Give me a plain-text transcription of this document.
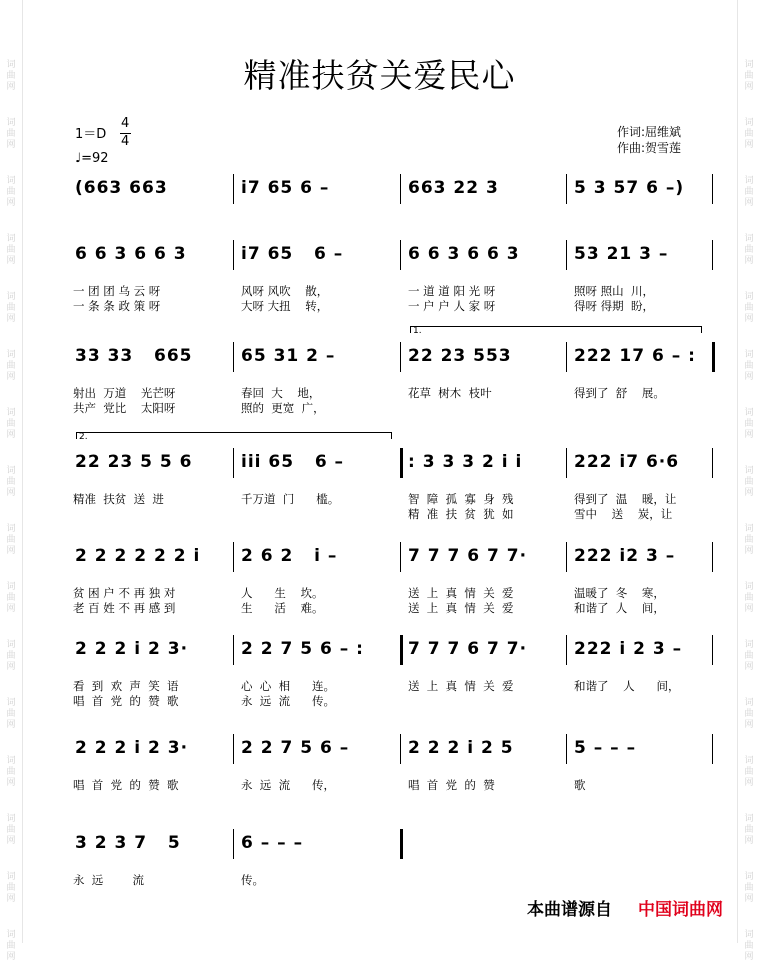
词
曲
网
词
曲
网
词
曲
网
词
曲
网
词
曲
网
词
曲
网
词
曲
网
词
曲
网
词
曲
网
词
曲
网
词
曲
网
词
曲
网
词
曲
网
词
曲
网
词
曲
网
词
曲
网
词
曲
网
词
曲
网
词
曲
网
词
曲
网
词
曲
网
词
曲
网
词
曲
网
词
曲
网
词
曲
网
词
曲
网
词
曲
网
词
曲
网
词
曲
网
词
曲
网
词
曲
网
词
曲
网
精准扶贫关爱民心
1＝D
4
4
♩=92
作词:屈维斌
作曲:贺雪莲
(663 663	i7 65 6 –	663 22 3	5 3 57 6 –)
6 6 3 6 6 3	i7 65   6 –	6 6 3 6 6 3	53 21 3 –
一 团 团 乌 云 呀	风呀 风吹    散，	一 道 道 阳 光 呀	照呀 照山  川，
一 条 条 政 策 呀	大呀 大扭    转，	一 户 户 人 家 呀	得呀 得期  盼，
33 33   665	65 31 2 –	22 23 553	222 17 6 – :
射出  万道    光芒呀	春回  大    地，	花草  树木  枝叶	得到了  舒    展。
共产  党比    太阳呀	照的  更宽  广，
1.
22 23 5 5 6	iii 65   6 –	: 3 3 3 2 i i	222 i7 6·6
精准  扶贫  送  进	千万道  门      槛。	智  障  孤  寡  身  残	得到了  温    暖，让
精  准  扶  贫  犹  如	雪中    送    炭，让
2.
2 2 2 2 2 2 i 2 6 2   i –	7 7 7 6 7 7·	222 i2 3 –
贫 困 户 不 再 独 对	人      生    坎。	送  上  真  情  关  爱	温暖了  冬    寒，
老 百 姓 不 再 感 到	生      活    难。	送  上  真  情  关  爱	和谐了  人    间，
2 2 2 i 2 3·	2 2 7 5 6 – :	7 7 7 6 7 7·	222 i 2 3 –
看  到  欢  声  笑  语	心  心  相      连。	送  上  真  情  关  爱	和谐了    人      间，
唱  首  党  的  赞  歌	永  远  流      传。
2 2 2 i 2 3·	2 2 7 5 6 –	2 2 2 i 2 5	5 – – –
唱  首  党  的  赞  歌	永  远  流      传，	唱  首  党  的  赞	歌
3 2 3 7   5	6 – – –
永  远        流	传。
本曲谱源自 中国词曲网
